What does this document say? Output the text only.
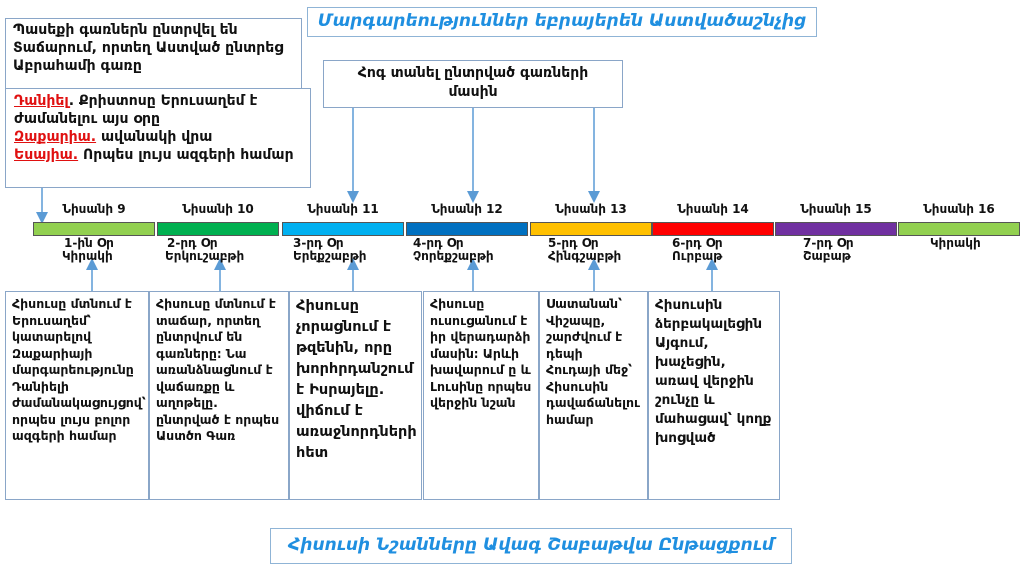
Մարգարեություններ եբրայերեն Աստվածաշնչից
Պասեքի գառներն ընտրվել են Տաճարում, որտեղ Աստված ընտրեց Աբրահամի գառը
Դանիել. Քրիստոսը Երուսաղեմ է ժամանելու այս օրը
Զաքարիա. ավանակի վրա
Եսայիա. Որպես լույս ազգերի համար
Հոգ տանել ընտրված գառների մասին
Նիսանի 9	Նիսանի 10	Նիսանի 11	Նիսանի 12	Նիսանի 13	Նիսանի 14	Նիսանի 15	Նիսանի 16
1-ին Օր
Կիրակի
2-րդ Օր
Երկուշաբթի
3-րդ Օր
Երեքշաբթի
4-րդ Օր
Չորեքշաբթի
5-րդ Օր
Հինգշաբթի
6-րդ Օր
Ուրբաթ
7-րդ Օր
Շաբաթ
Կիրակի
Հիսուսը մտնում է Երուսաղեմ՝ կատարելով Զաքարիայի մարգարեությունը Դանիելի ժամանակացույցով՝ որպես լույս բոլոր ազգերի համար
Հիսուսը մտնում է տաճար, որտեղ ընտրվում են գառները։ Նա առանձնացնում է վաճառքը և աղոթելը. ընտրված է որպես Աստծո Գառ
Հիսուսը չորացնում է թզենին, որը խորհրդանշում է Իսրայելը. վիճում է առաջնորդների հետ
Հիսուսը ուսուցանում է իր վերադարձի մասին։ Արևի խավարում ը և Լուսինը որպես վերջին նշան
Սատանան՝ Վիշապը, շարժվում է դեպի Հուդայի մեջ՝ Հիսուսին դավաճանելու համար
Հիսուսին ձերբակալեցին Այգում, խաչեցին, առավ վերջին շունչը և մահացավ՝ կողք խոցված
Հիսուսի Նշանները Ավագ Շաբաթվա Ընթացքում
